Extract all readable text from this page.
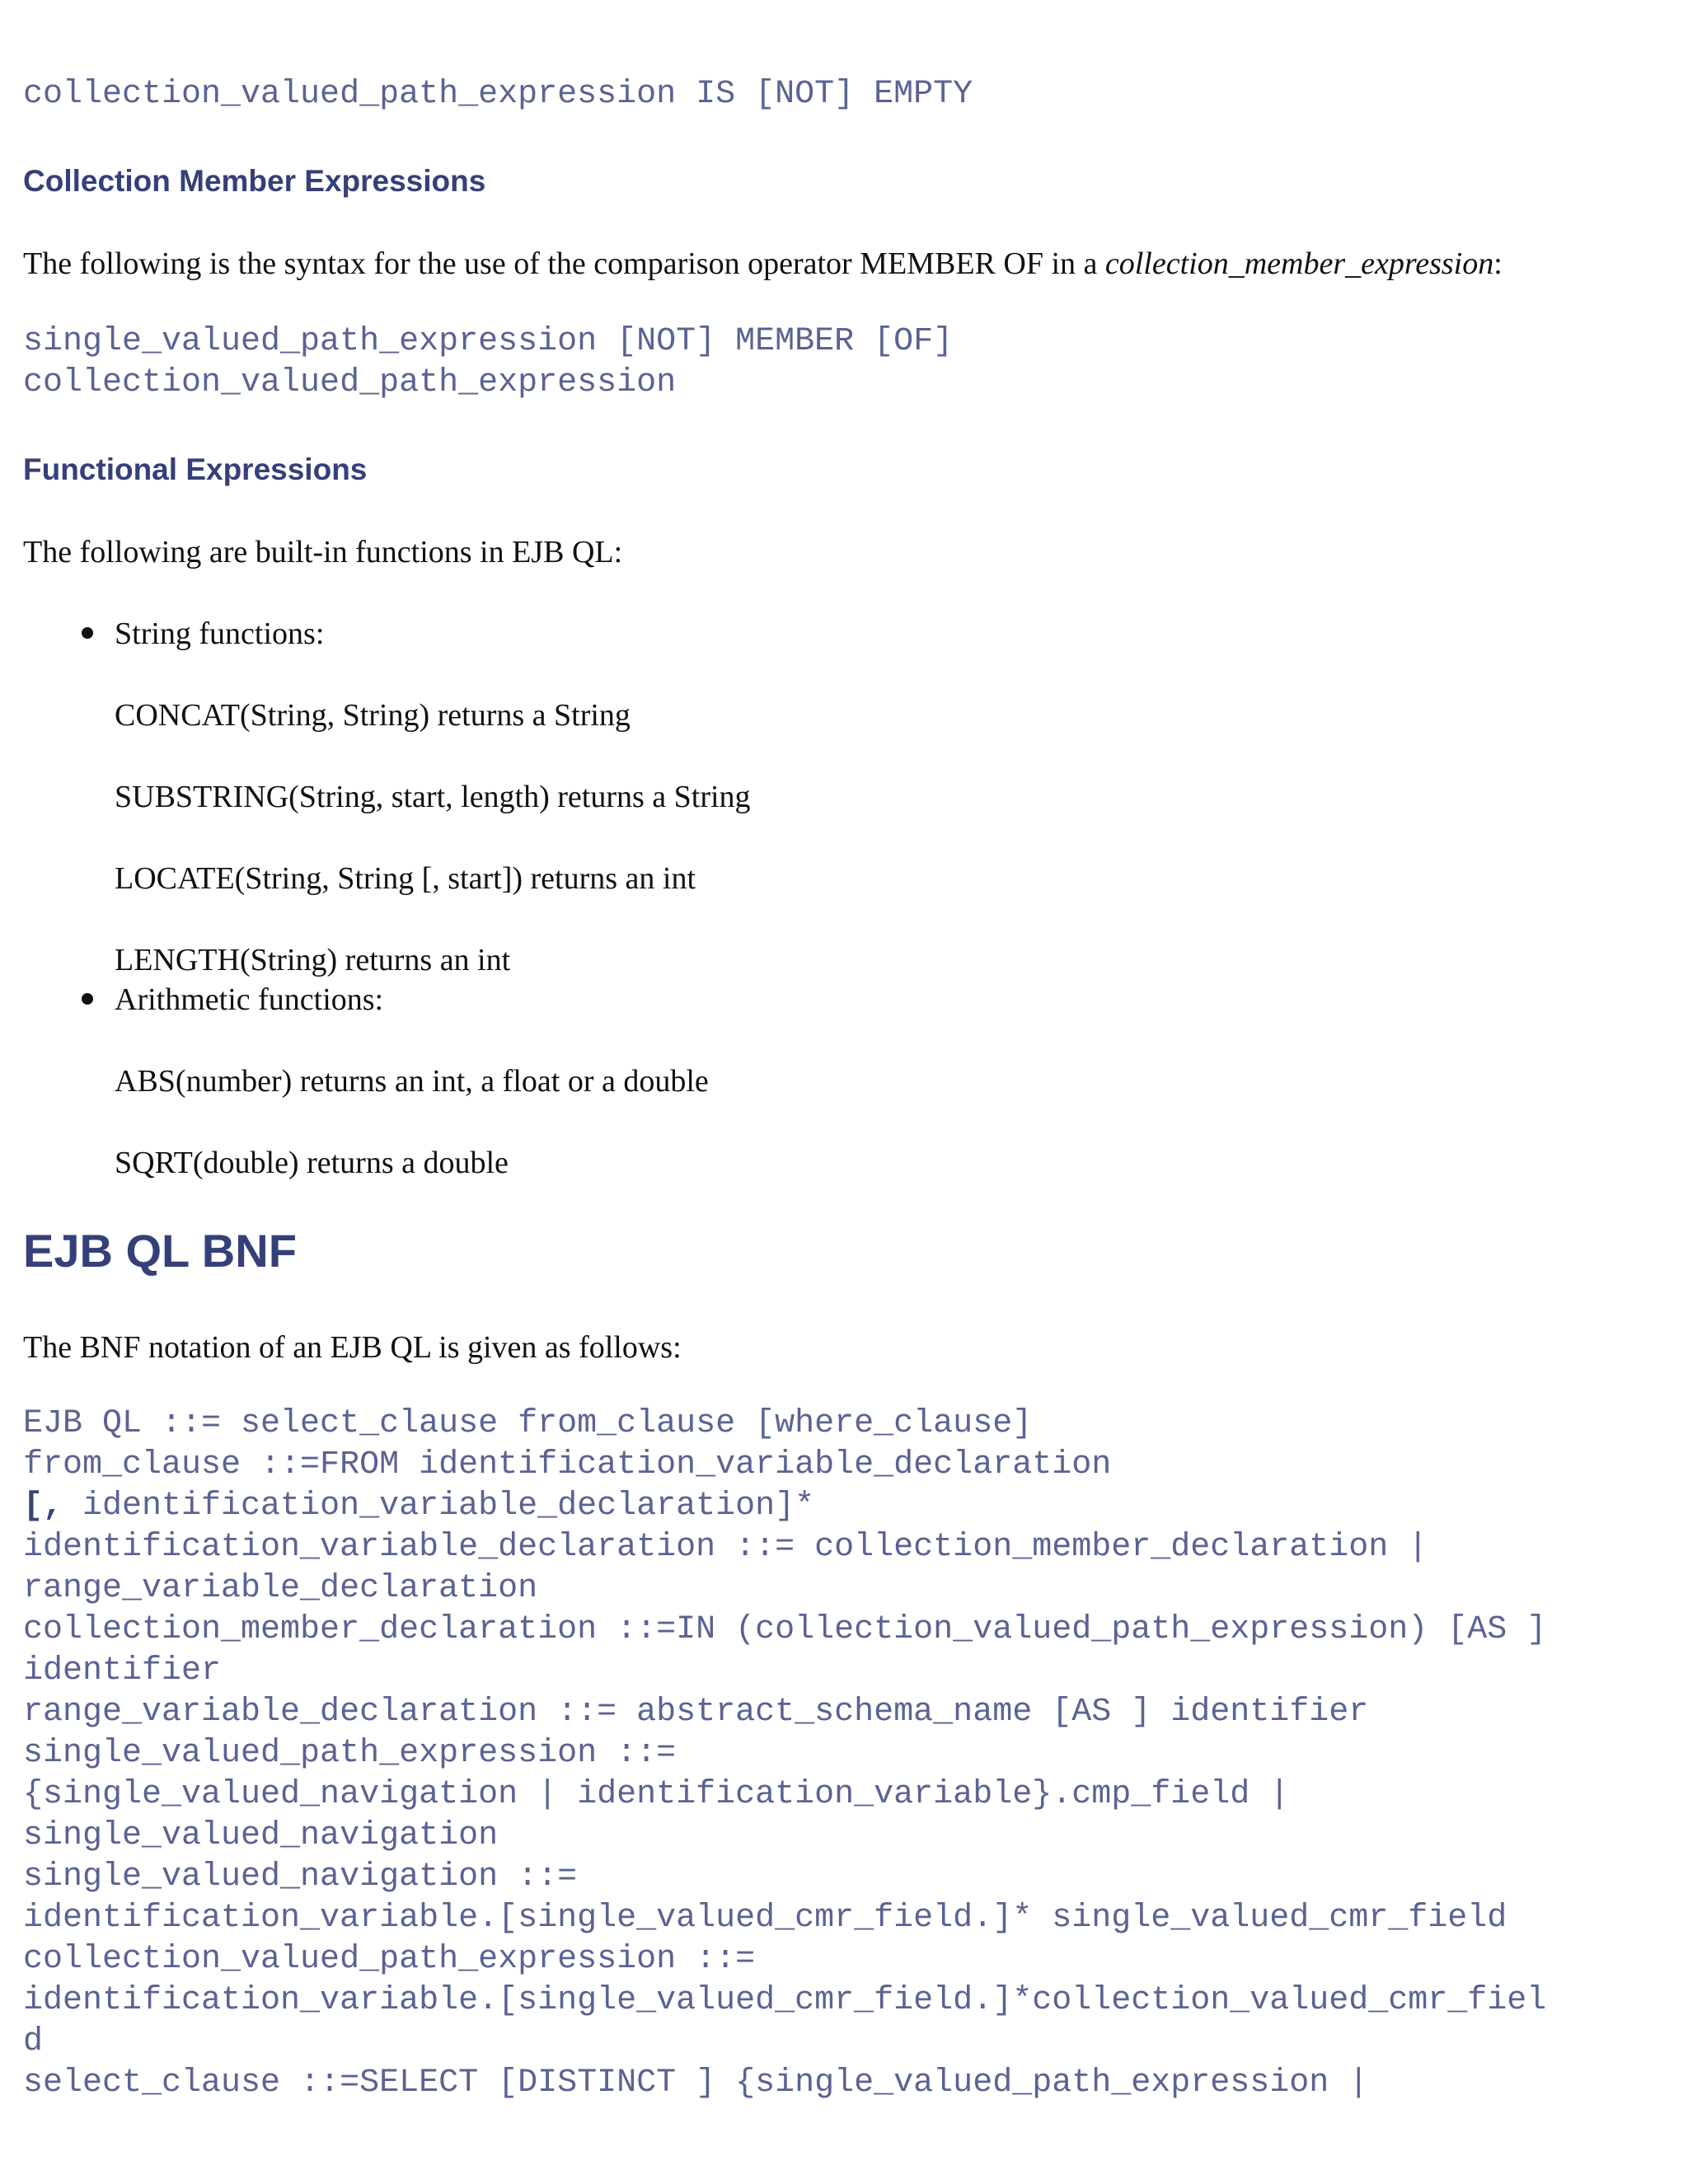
collection_valued_path_expression IS [NOT] EMPTY
Collection Member Expressions

The following is the syntax for the use of the comparison operator MEMBER OF in a collection_member_expression:

single_valued_path_expression [NOT] MEMBER [OF]
collection_valued_path_expression
Functional Expressions

The following are built-in functions in EJB QL:

String functions:

CONCAT(String, String) returns a String

SUBSTRING(String, start, length) returns a String

LOCATE(String, String [, start]) returns an int

LENGTH(String) returns an int

Arithmetic functions:

ABS(number) returns an int, a float or a double

SQRT(double) returns a double

EJB QL BNF

The BNF notation of an EJB QL is given as follows:

EJB QL ::= select_clause from_clause [where_clause]
from_clause ::=FROM identification_variable_declaration
[, identification_variable_declaration]*
identification_variable_declaration ::= collection_member_declaration |
range_variable_declaration
collection_member_declaration ::=IN (collection_valued_path_expression) [AS ]
identifier
range_variable_declaration ::= abstract_schema_name [AS ] identifier
single_valued_path_expression ::=
{single_valued_navigation | identification_variable}.cmp_field |
single_valued_navigation
single_valued_navigation ::=
identification_variable.[single_valued_cmr_field.]* single_valued_cmr_field
collection_valued_path_expression ::=
identification_variable.[single_valued_cmr_field.]*collection_valued_cmr_fiel
d
select_clause ::=SELECT [DISTINCT ] {single_valued_path_expression |
